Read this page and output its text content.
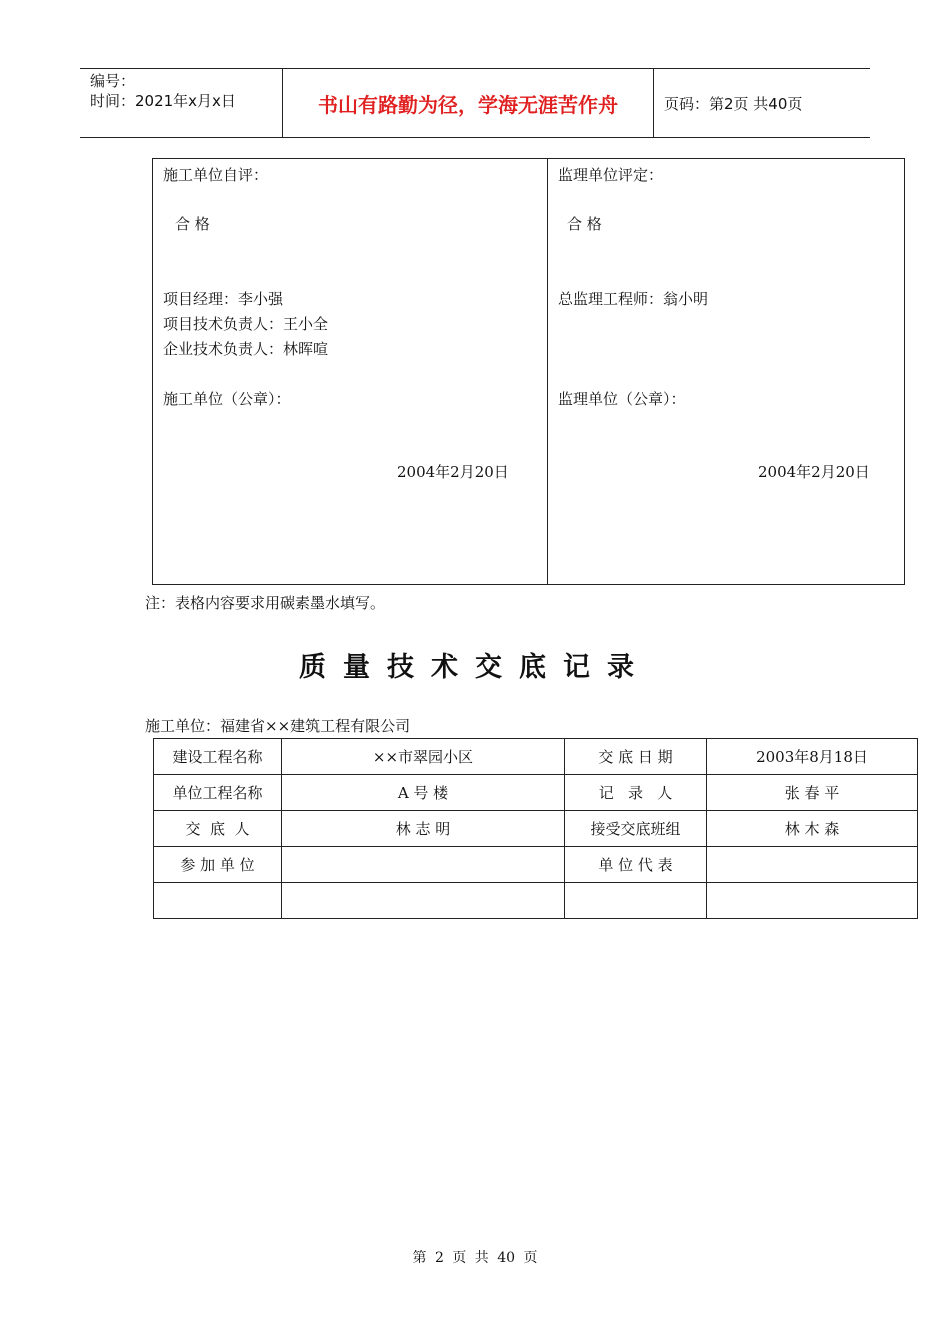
编号：
时间：2021年x月x日	书山有路勤为径，学海无涯苦作舟	页码：第2页 共40页
施工单位自评：
合 格
项目经理：李小强
项目技术负责人：王小全
企业技术负责人：林晖喧
施工单位（公章）：
2004年2月20日
监理单位评定：
合 格
总监理工程师：翁小明
监理单位（公章）：
2004年2月20日
注：表格内容要求用碳素墨水填写。
质量技术交底记录
施工单位：福建省××建筑工程有限公司
建设工程名称	××市翠园小区	交 底 日 期	2003年8月18日
单位工程名称	A 号 楼	记   录   人	张 春 平
交  底  人	林 志 明	接受交底班组	林 木 森
参 加 单 位		单 位 代 表	

第 2 页 共 40 页
